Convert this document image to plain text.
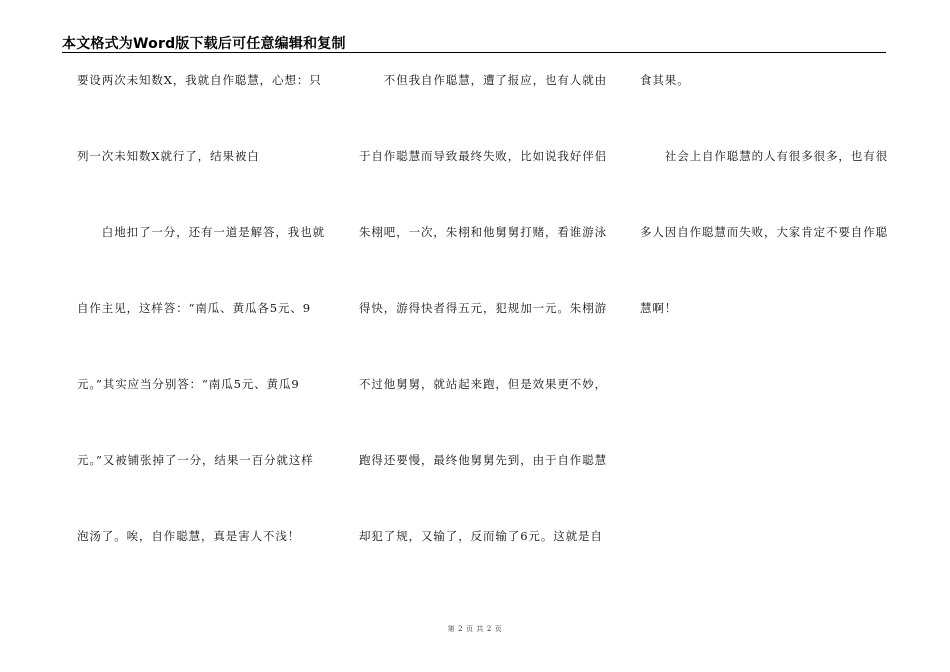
本文格式为Word版下载后可任意编辑和复制
要设两次未知数X，我就自作聪慧，心想：只
列一次未知数X就行了，结果被白
　　白地扣了一分，还有一道是解答，我也就
自作主见，这样答：“南瓜、黄瓜各5元、9
元。”其实应当分别答：“南瓜5元、黄瓜9
元。”又被铺张掉了一分，结果一百分就这样
泡汤了。唉，自作聪慧，真是害人不浅！
　　不但我自作聪慧，遭了报应，也有人就由
于自作聪慧而导致最终失败，比如说我好伴侣
朱栩吧，一次，朱栩和他舅舅打赌，看谁游泳
得快，游得快者得五元，犯规加一元。朱栩游
不过他舅舅，就站起来跑，但是效果更不妙，
跑得还要慢，最终他舅舅先到，由于自作聪慧
却犯了规，又输了，反而输了6元。这就是自
食其果。
　　社会上自作聪慧的人有很多很多，也有很
多人因自作聪慧而失败，大家肯定不要自作聪
慧啊！
第 2 页 共 2 页
